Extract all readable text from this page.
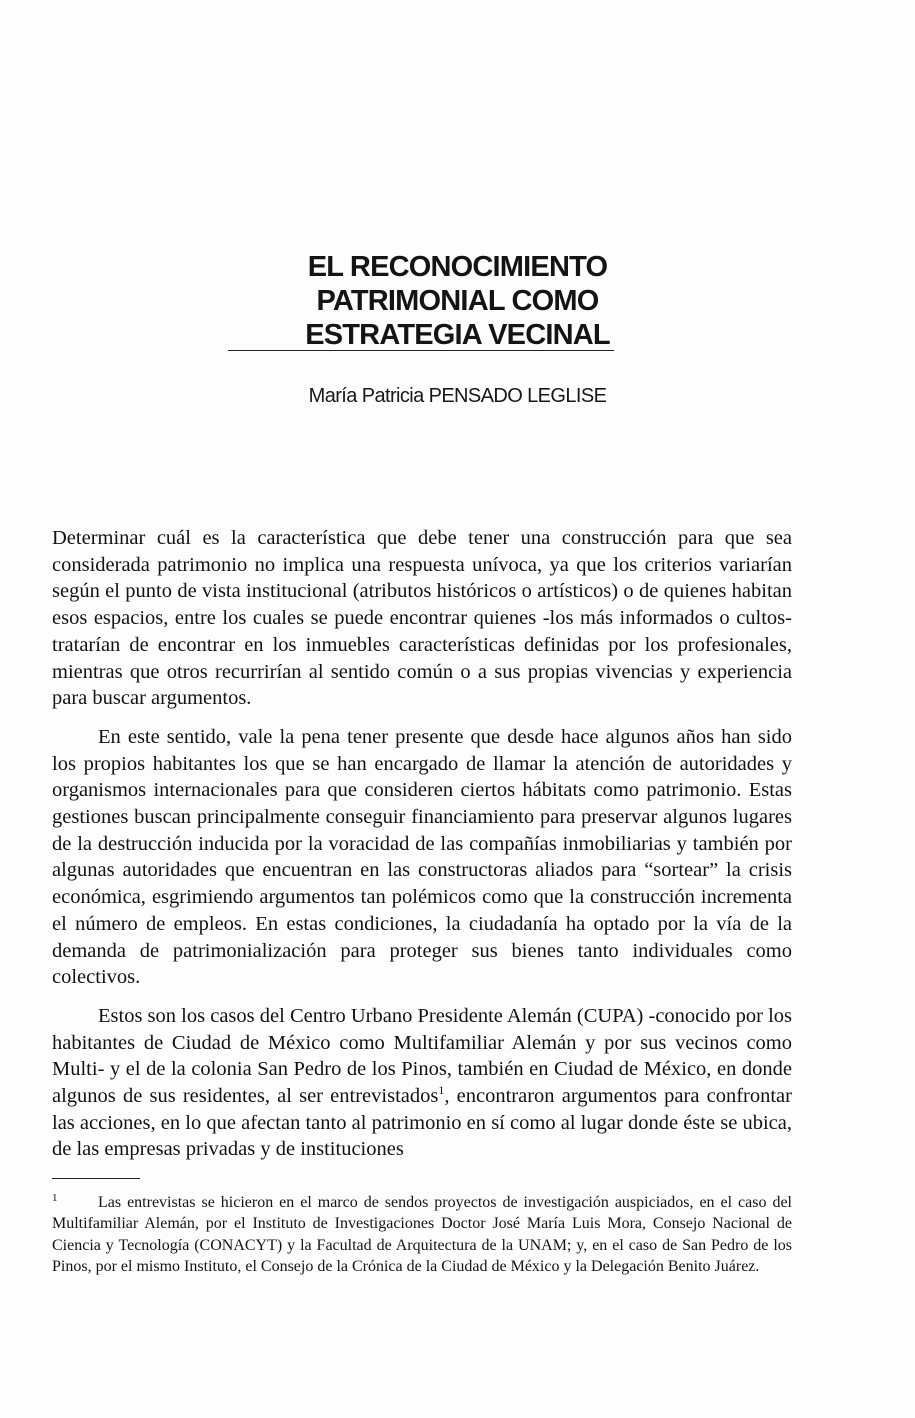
EL RECONOCIMIENTO
PATRIMONIAL COMO
ESTRATEGIA VECINAL
María Patricia PENSADO LEGLISE

Determinar cuál es la característica que debe tener una construcción para que sea considerada patrimonio no implica una respuesta unívoca, ya que los criterios variarían según el punto de vista institucional (atributos históricos o artísticos) o de quienes habitan esos espacios, entre los cuales se puede encontrar quienes -los más informados o cultos- tratarían de encontrar en los inmuebles características definidas por los profesionales, mientras que otros recurrirían al sentido común o a sus propias vivencias y experiencia para buscar argumentos.

En este sentido, vale la pena tener presente que desde hace algunos años han sido los propios habitantes los que se han encargado de llamar la atención de autoridades y organismos internacionales para que consideren ciertos hábitats como patrimonio. Estas gestiones buscan principalmente conseguir financiamiento para preservar algunos lugares de la destrucción inducida por la voracidad de las compañías inmobiliarias y también por algunas autoridades que encuentran en las constructoras aliados para “sortear” la crisis económica, esgrimiendo argumentos tan polémicos como que la construcción incrementa el número de empleos. En estas condiciones, la ciudadanía ha optado por la vía de la demanda de patrimonialización para proteger sus bienes tanto individuales como colectivos.

Estos son los casos del Centro Urbano Presidente Alemán (CUPA) -conocido por los habitantes de Ciudad de México como Multifamiliar Alemán y por sus vecinos como Multi- y el de la colonia San Pedro de los Pinos, también en Ciudad de México, en donde algunos de sus residentes, al ser entrevistados$^1$, encontraron argumentos para confrontar las acciones, en lo que afectan tanto al patrimonio en sí como al lugar donde éste se ubica, de las empresas privadas y de instituciones

1	Las entrevistas se hicieron en el marco de sendos proyectos de investigación auspiciados, en el caso del Multifamiliar Alemán, por el Instituto de Investigaciones Doctor José María Luis Mora, Consejo Nacional de Ciencia y Tecnología (CONACYT) y la Facultad de Arquitectura de la UNAM; y, en el caso de San Pedro de los Pinos, por el mismo Instituto, el Consejo de la Crónica de la Ciudad de México y la Delegación Benito Juárez.
